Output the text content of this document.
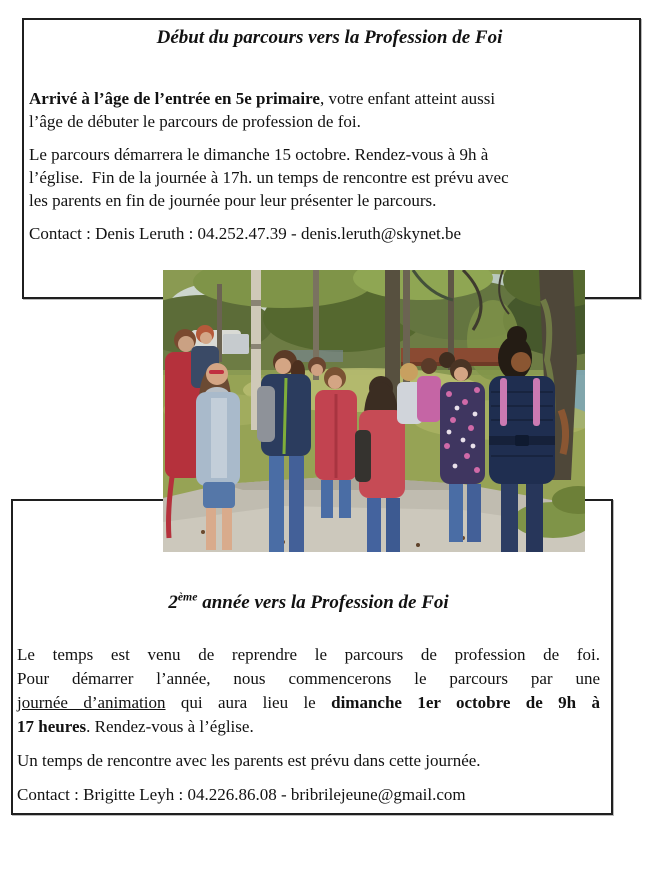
Début du parcours vers la Profession de Foi

Arrivé à l’âge de l’entrée en 5e primaire, votre enfant atteint aussi
l’âge de débuter le parcours de profession de foi.

Le parcours démarrera le dimanche 15 octobre. Rendez-vous à 9h à
l’église.  Fin de la journée à 17h. un temps de rencontre est prévu avec
les parents en fin de journée pour leur présenter le parcours.

Contact : Denis Leruth : 04.252.47.39 - denis.leruth@skynet.be

2ème année vers la Profession de Foi

Le temps est venu de reprendre le parcours de profession de foi.
Pour démarrer l’année, nous commencerons le parcours par une
journée d’animation qui aura lieu le dimanche 1er octobre de 9h à
17 heures. Rendez-vous à l’église.

Un temps de rencontre avec les parents est prévu dans cette journée.

Contact : Brigitte Leyh : 04.226.86.08 - bribrilejeune@gmail.com
